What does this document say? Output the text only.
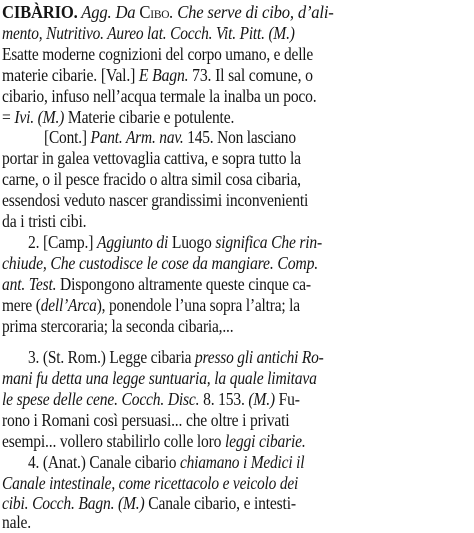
CIBÀRIO. Agg. Da Cibo. Che serve di cibo, d’ali-
mento, Nutritivo. Aureo lat. Cocch. Vit. Pitt. (M.)
Esatte moderne cognizioni del corpo umano, e delle
materie cibarie. [Val.] E Bagn. 73. Il sal comune, o
cibario, infuso nell’acqua termale la inalba un poco.
= Ivi. (M.) Materie cibarie e potulente.
[Cont.] Pant. Arm. nav. 145. Non lasciano
portar in galea vettovaglia cattiva, e sopra tutto la
carne, o il pesce fracido o altra simil cosa cibaria,
essendosi veduto nascer grandissimi inconvenienti
da i tristi cibi.
2. [Camp.] Aggiunto di Luogo significa Che rin-
chiude, Che custodisce le cose da mangiare. Comp.
ant. Test. Dispongono altramente queste cinque ca-
mere (dell’Arca), ponendole l’una sopra l’altra; la
prima stercoraria; la seconda cibaria,...
3. (St. Rom.) Legge cibaria presso gli antichi Ro-
mani fu detta una legge suntuaria, la quale limitava
le spese delle cene. Cocch. Disc. 8. 153. (M.) Fu-
rono i Romani così persuasi... che oltre i privati
esempi... vollero stabilirlo colle loro leggi cibarie.
4. (Anat.) Canale cibario chiamano i Medici il
Canale intestinale, come ricettacolo e veicolo dei
cibi. Cocch. Bagn. (M.) Canale cibario, e intesti-
nale.
